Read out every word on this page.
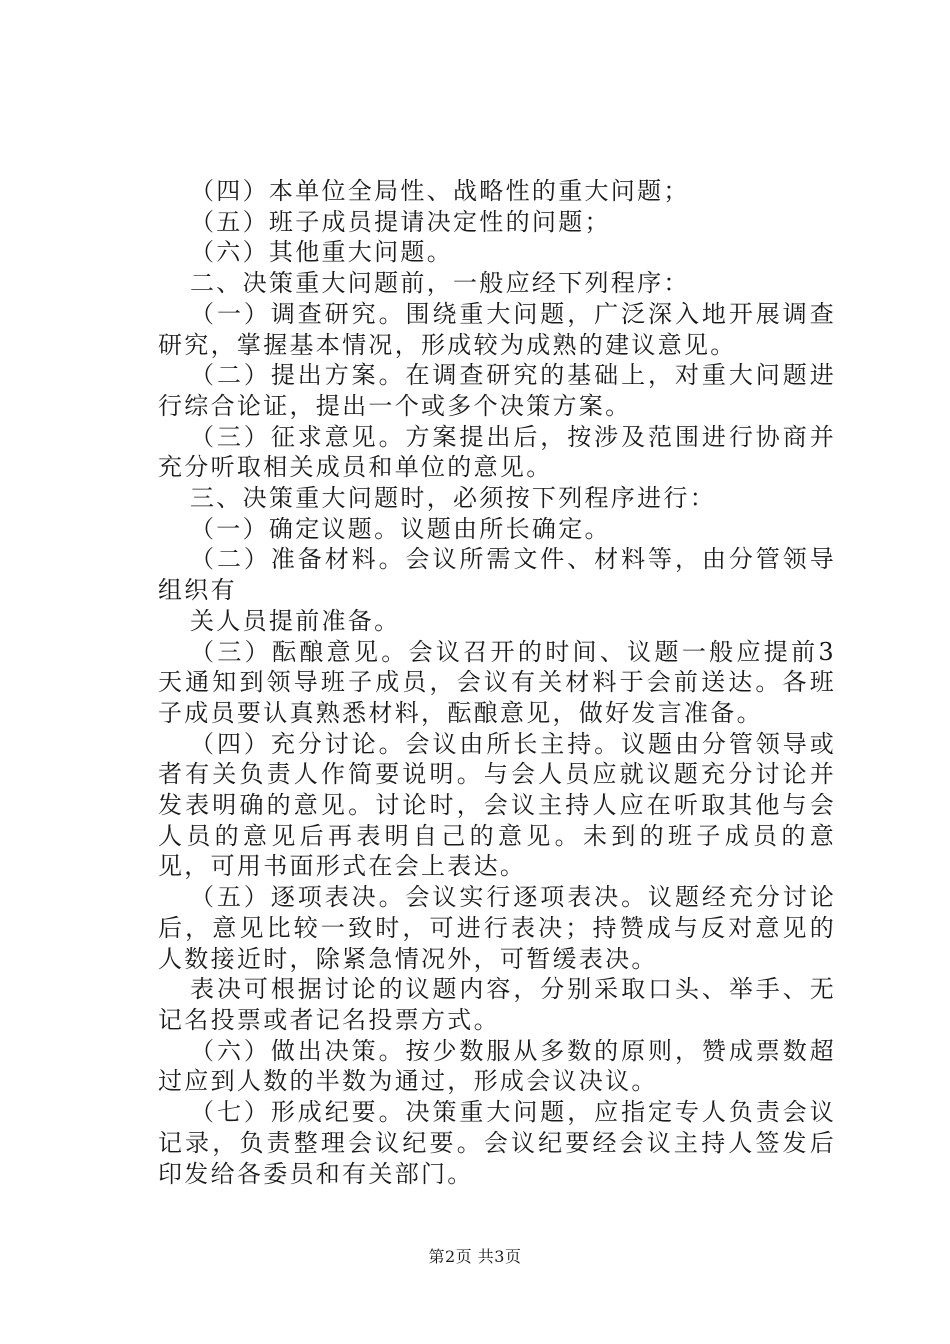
（四）本单位全局性、战略性的重大问题；

（五）班子成员提请决定性的问题；

（六）其他重大问题。

二、决策重大问题前，一般应经下列程序：

（一）调查研究。围绕重大问题，广泛深入地开展调查研究，掌握基本情况，形成较为成熟的建议意见。

（二）提出方案。在调查研究的基础上，对重大问题进行综合论证，提出一个或多个决策方案。

（三）征求意见。方案提出后，按涉及范围进行协商并充分听取相关成员和单位的意见。

三、决策重大问题时，必须按下列程序进行：

（一）确定议题。议题由所长确定。

（二）准备材料。会议所需文件、材料等，由分管领导组织有

关人员提前准备。

（三）酝酿意见。会议召开的时间、议题一般应提前3天通知到领导班子成员，会议有关材料于会前送达。各班子成员要认真熟悉材料，酝酿意见，做好发言准备。

（四）充分讨论。会议由所长主持。议题由分管领导或者有关负责人作简要说明。与会人员应就议题充分讨论并发表明确的意见。讨论时，会议主持人应在听取其他与会人员的意见后再表明自己的意见。未到的班子成员的意见，可用书面形式在会上表达。

（五）逐项表决。会议实行逐项表决。议题经充分讨论后，意见比较一致时，可进行表决；持赞成与反对意见的人数接近时，除紧急情况外，可暂缓表决。

表决可根据讨论的议题内容，分别采取口头、举手、无记名投票或者记名投票方式。

（六）做出决策。按少数服从多数的原则，赞成票数超过应到人数的半数为通过，形成会议决议。

（七）形成纪要。决策重大问题，应指定专人负责会议记录，负责整理会议纪要。会议纪要经会议主持人签发后印发给各委员和有关部门。

第2页 共3页
